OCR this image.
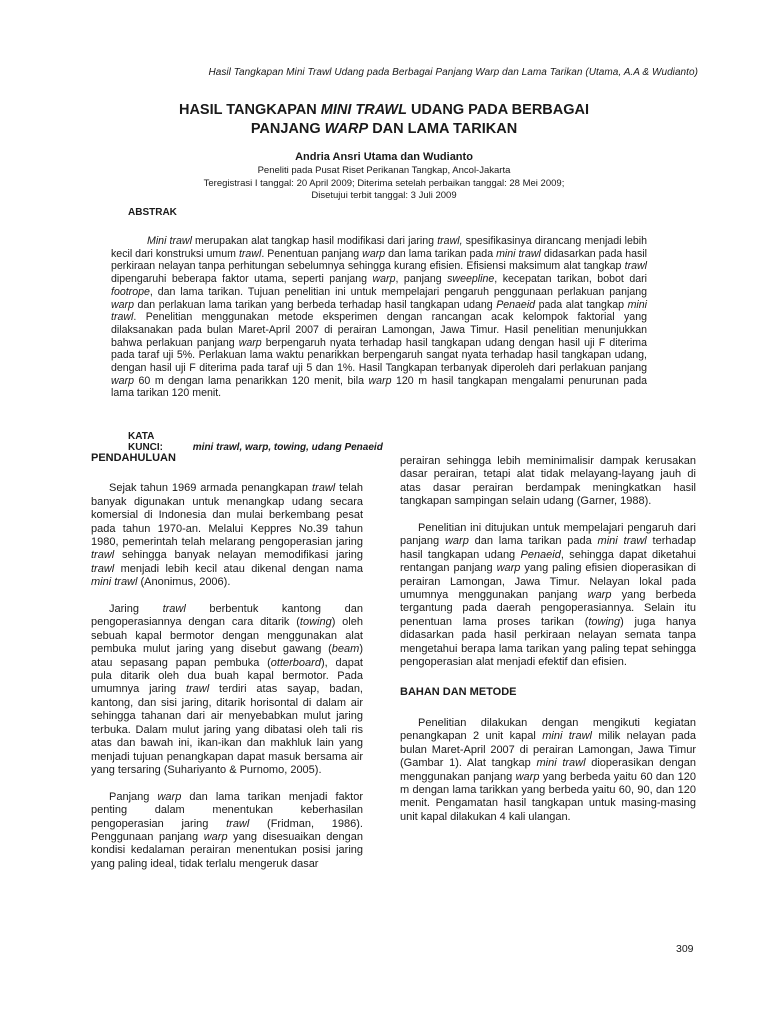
Hasil Tangkapan Mini Trawl Udang pada Berbagai Panjang Warp dan Lama Tarikan (Utama, A.A & Wudianto)
HASIL TANGKAPAN MINI TRAWL UDANG PADA BERBAGAI
PANJANG WARP DAN LAMA TARIKAN
Andria Ansri Utama dan Wudianto
Peneliti pada Pusat Riset Perikanan Tangkap, Ancol-Jakarta
Teregistrasi I tanggal: 20 April 2009; Diterima setelah perbaikan tanggal: 28 Mei 2009;
Disetujui terbit tanggal: 3 Juli 2009
ABSTRAK

Mini trawl merupakan alat tangkap hasil modifikasi dari jaring trawl, spesifikasinya dirancang menjadi lebih kecil dari konstruksi umum trawl. Penentuan panjang warp dan lama tarikan pada mini trawl didasarkan pada hasil perkiraan nelayan tanpa perhitungan sebelumnya sehingga kurang efisien. Efisiensi maksimum alat tangkap trawl dipengaruhi beberapa faktor utama, seperti panjang warp, panjang sweepline, kecepatan tarikan, bobot dari footrope, dan lama tarikan. Tujuan penelitian ini untuk mempelajari pengaruh penggunaan perlakuan panjang warp dan perlakuan lama tarikan yang berbeda terhadap hasil tangkapan udang Penaeid pada alat tangkap mini trawl. Penelitian menggunakan metode eksperimen dengan rancangan acak kelompok faktorial yang dilaksanakan pada bulan Maret-April 2007 di perairan Lamongan, Jawa Timur. Hasil penelitian menunjukkan bahwa perlakuan panjang warp berpengaruh nyata terhadap hasil tangkapan udang dengan hasil uji F diterima pada taraf uji 5%. Perlakuan lama waktu penarikkan berpengaruh sangat nyata terhadap hasil tangkapan udang, dengan hasil uji F diterima pada taraf uji 5 dan 1%. Hasil Tangkapan terbanyak diperoleh dari perlakuan panjang warp 60 m dengan lama penarikkan 120 menit, bila warp 120 m hasil tangkapan mengalami penurunan pada lama tarikan 120 menit.

KATA KUNCI:	mini trawl, warp, towing, udang Penaeid
PENDAHULUAN

Sejak tahun 1969 armada penangkapan trawl telah banyak digunakan untuk menangkap udang secara komersial di Indonesia dan mulai berkembang pesat pada tahun 1970-an. Melalui Keppres No.39 tahun 1980, pemerintah telah melarang pengoperasian jaring trawl sehingga banyak nelayan memodifikasi jaring trawl menjadi lebih kecil atau dikenal dengan nama mini trawl (Anonimus, 2006).

Jaring trawl berbentuk kantong dan pengoperasiannya dengan cara ditarik (towing) oleh sebuah kapal bermotor dengan menggunakan alat pembuka mulut jaring yang disebut gawang (beam) atau sepasang papan pembuka (otterboard), dapat pula ditarik oleh dua buah kapal bermotor. Pada umumnya jaring trawl terdiri atas sayap, badan, kantong, dan sisi jaring, ditarik horisontal di dalam air sehingga tahanan dari air menyebabkan mulut jaring terbuka. Dalam mulut jaring yang dibatasi oleh tali ris atas dan bawah ini, ikan-ikan dan makhluk lain yang menjadi tujuan penangkapan dapat masuk bersama air yang tersaring (Suhariyanto & Purnomo, 2005).

Panjang warp dan lama tarikan menjadi faktor penting dalam menentukan keberhasilan pengoperasian jaring trawl (Fridman, 1986). Penggunaan panjang warp yang disesuaikan dengan kondisi kedalaman perairan menentukan posisi jaring yang paling ideal, tidak terlalu mengeruk dasar

perairan sehingga lebih meminimalisir dampak kerusakan dasar perairan, tetapi alat tidak melayang-layang jauh di atas dasar perairan berdampak meningkatkan hasil tangkapan sampingan selain udang (Garner, 1988).

Penelitian ini ditujukan untuk mempelajari pengaruh dari panjang warp dan lama tarikan pada mini trawl terhadap hasil tangkapan udang Penaeid, sehingga dapat diketahui rentangan panjang warp yang paling efisien dioperasikan di perairan Lamongan, Jawa Timur. Nelayan lokal pada umumnya menggunakan panjang warp yang berbeda tergantung pada daerah pengoperasiannya. Selain itu penentuan lama proses tarikan (towing) juga hanya didasarkan pada hasil perkiraan nelayan semata tanpa mengetahui berapa lama tarikan yang paling tepat sehingga pengoperasian alat menjadi efektif dan efisien.

BAHAN DAN METODE

Penelitian dilakukan dengan mengikuti kegiatan penangkapan 2 unit kapal mini trawl milik nelayan pada bulan Maret-April 2007 di perairan Lamongan, Jawa Timur (Gambar 1). Alat tangkap mini trawl dioperasikan dengan menggunakan panjang warp yang berbeda yaitu 60 dan 120 m dengan lama tarikkan yang berbeda yaitu 60, 90, dan 120 menit. Pengamatan hasil tangkapan untuk masing-masing unit kapal dilakukan 4 kali ulangan.

309
